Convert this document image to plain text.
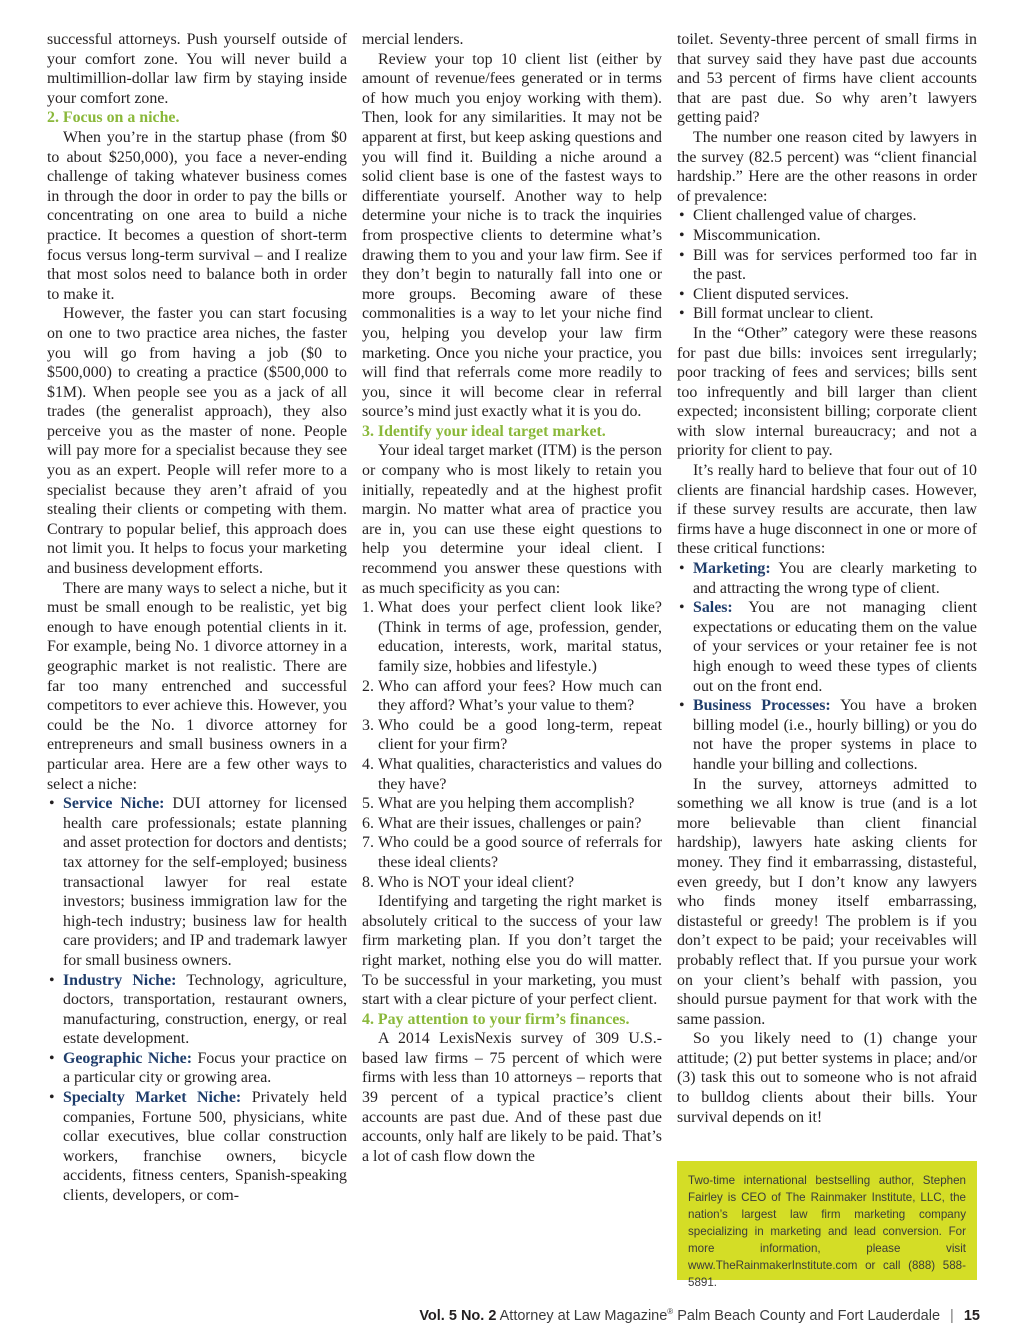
successful attorneys. Push yourself outside of your comfort zone. You will never build a multimillion-dollar law firm by staying inside your comfort zone.

2. Focus on a niche.

When you’re in the startup phase (from $0 to about $250,000), you face a never-ending challenge of taking whatever business comes in through the door in order to pay the bills or concentrating on one area to build a niche practice. It becomes a question of short-term focus versus long-term survival – and I realize that most solos need to balance both in order to make it.

However, the faster you can start focusing on one to two practice area niches, the faster you will go from having a job ($0 to $500,000) to creating a practice ($500,000 to $1M). When people see you as a jack of all trades (the generalist approach), they also perceive you as the master of none. People will pay more for a specialist because they see you as an expert. People will refer more to a specialist because they aren’t afraid of you stealing their clients or competing with them. Contrary to popular belief, this approach does not limit you. It helps to focus your marketing and business development efforts.

There are many ways to select a niche, but it must be small enough to be realistic, yet big enough to have enough potential clients in it. For example, being No. 1 divorce attorney in a geographic market is not realistic. There are far too many entrenched and successful competitors to ever achieve this. However, you could be the No. 1 divorce attorney for entrepreneurs and small business owners in a particular area. Here are a few other ways to select a niche:

• Service Niche: DUI attorney for licensed health care professionals; estate planning and asset protection for doctors and dentists; tax attorney for the self-employed; business transactional lawyer for real estate investors; business immigration law for the high-tech industry; business law for health care providers; and IP and trademark lawyer for small business owners.
• Industry Niche: Technology, agriculture, doctors, transportation, restaurant owners, manufacturing, construction, energy, or real estate development.
• Geographic Niche: Focus your practice on a particular city or growing area.
• Specialty Market Niche: Privately held companies, Fortune 500, physicians, white collar executives, blue collar construction workers, franchise owners, bicycle accidents, fitness centers, Spanish-speaking clients, developers, or com-

mercial lenders.

Review your top 10 client list (either by amount of revenue/fees generated or in terms of how much you enjoy working with them). Then, look for any similarities. It may not be apparent at first, but keep asking questions and you will find it. Building a niche around a solid client base is one of the fastest ways to differentiate yourself. Another way to help determine your niche is to track the inquiries from prospective clients to determine what’s drawing them to you and your law firm. See if they don’t begin to naturally fall into one or more groups. Becoming aware of these commonalities is a way to let your niche find you, helping you develop your law firm marketing. Once you niche your practice, you will find that referrals come more readily to you, since it will become clear in referral source’s mind just exactly what it is you do.

3. Identify your ideal target market.

Your ideal target market (ITM) is the person or company who is most likely to retain you initially, repeatedly and at the highest profit margin. No matter what area of practice you are in, you can use these eight questions to help you determine your ideal client. I recommend you answer these questions with as much specificity as you can:

1. What does your perfect client look like? (Think in terms of age, profession, gender, education, interests, work, marital status, family size, hobbies and lifestyle.)
2. Who can afford your fees? How much can they afford? What’s your value to them?
3. Who could be a good long-term, repeat client for your firm?
4. What qualities, characteristics and values do they have?
5. What are you helping them accomplish?
6. What are their issues, challenges or pain?
7. Who could be a good source of referrals for these ideal clients?
8. Who is NOT your ideal client?

Identifying and targeting the right market is absolutely critical to the success of your law firm marketing plan. If you don’t target the right market, nothing else you do will matter. To be successful in your marketing, you must start with a clear picture of your perfect client.

4. Pay attention to your firm’s finances.

A 2014 LexisNexis survey of 309 U.S.-based law firms – 75 percent of which were firms with less than 10 attorneys – reports that 39 percent of a typical practice’s client accounts are past due. And of these past due accounts, only half are likely to be paid. That’s a lot of cash flow down the

toilet. Seventy-three percent of small firms in that survey said they have past due accounts and 53 percent of firms have client accounts that are past due. So why aren’t lawyers getting paid?

The number one reason cited by lawyers in the survey (82.5 percent) was “client financial hardship.” Here are the other reasons in order of prevalence:

• Client challenged value of charges.
• Miscommunication.
• Bill was for services performed too far in the past.
• Client disputed services.
• Bill format unclear to client.

In the “Other” category were these reasons for past due bills: invoices sent irregularly; poor tracking of fees and services; bills sent too infrequently and bill larger than client expected; inconsistent billing; corporate client with slow internal bureaucracy; and not a priority for client to pay.

It’s really hard to believe that four out of 10 clients are financial hardship cases. However, if these survey results are accurate, then law firms have a huge disconnect in one or more of these critical functions:

• Marketing: You are clearly marketing to and attracting the wrong type of client.
• Sales: You are not managing client expectations or educating them on the value of your services or your retainer fee is not high enough to weed these types of clients out on the front end.
• Business Processes: You have a broken billing model (i.e., hourly billing) or you do not have the proper systems in place to handle your billing and collections.

In the survey, attorneys admitted to something we all know is true (and is a lot more believable than client financial hardship), lawyers hate asking clients for money. They find it embarrassing, distasteful, even greedy, but I don’t know any lawyers who finds money itself embarrassing, distasteful or greedy! The problem is if you don’t expect to be paid; your receivables will probably reflect that. If you pursue your work on your client’s behalf with passion, you should pursue payment for that work with the same passion.

So you likely need to (1) change your attitude; (2) put better systems in place; and/or (3) task this out to someone who is not afraid to bulldog clients about their bills. Your survival depends on it!

Two-time international bestselling author, Stephen Fairley is CEO of The Rainmaker Institute, LLC, the nation’s largest law firm marketing company specializing in marketing and lead conversion. For more information, please visit www.TheRainmakerInstitute.com or call (888) 588-5891.
Vol. 5 No. 2 Attorney at Law Magazine® Palm Beach County and Fort Lauderdale | 15
